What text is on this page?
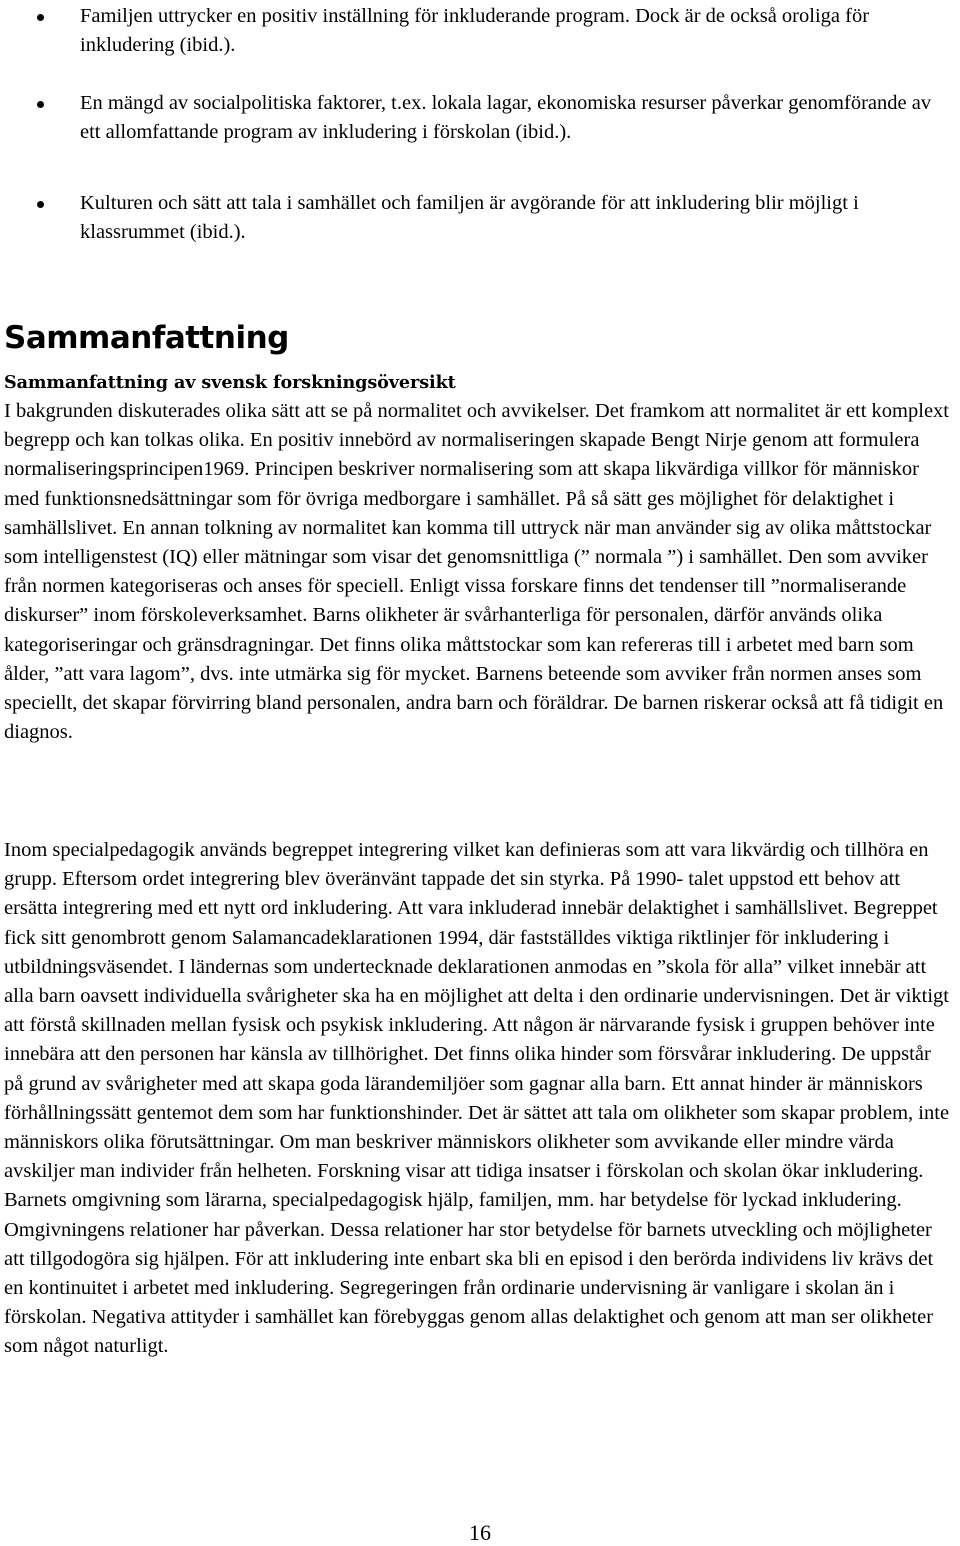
Familjen uttrycker en positiv inställning för inkluderande program. Dock är de också oroliga för inkludering (ibid.).
En mängd av socialpolitiska faktorer, t.ex. lokala lagar, ekonomiska resurser påverkar genomförande av ett allomfattande program av inkludering i förskolan (ibid.).
Kulturen och sätt att tala i samhället och familjen är avgörande för att inkludering blir möjligt i klassrummet (ibid.).
Sammanfattning
Sammanfattning av svensk forskningsöversikt

I bakgrunden diskuterades olika sätt att se på normalitet och avvikelser. Det framkom att normalitet är ett komplext begrepp och kan tolkas olika. En positiv innebörd av normaliseringen skapade Bengt Nirje genom att formulera normaliseringsprincipen1969. Principen beskriver normalisering som att skapa likvärdiga villkor för människor med funktionsnedsättningar som för övriga medborgare i samhället. På så sätt ges möjlighet för delaktighet i samhällslivet. En annan tolkning av normalitet kan komma till uttryck när man använder sig av olika måttstockar som intelligenstest (IQ) eller mätningar som visar det genomsnittliga (” normala ”) i samhället. Den som avviker från normen kategoriseras och anses för speciell. Enligt vissa forskare finns det tendenser till ”normaliserande diskurser” inom förskoleverksamhet. Barns olikheter är svårhanterliga för personalen, därför används olika kategoriseringar och gränsdragningar. Det finns olika måttstockar som kan refereras till i arbetet med barn som ålder, ”att vara lagom”, dvs. inte utmärka sig för mycket. Barnens beteende som avviker från normen anses som speciellt, det skapar förvirring bland personalen, andra barn och föräldrar. De barnen riskerar också att få tidigit en diagnos.

Inom specialpedagogik används begreppet integrering vilket kan definieras som att vara likvärdig och tillhöra en grupp. Eftersom ordet integrering blev överänvänt tappade det sin styrka. På 1990- talet uppstod ett behov att ersätta integrering med ett nytt ord inkludering. Att vara inkluderad innebär delaktighet i samhällslivet. Begreppet fick sitt genombrott genom Salamancadeklarationen 1994, där fastställdes viktiga riktlinjer för inkludering i utbildningsväsendet. I ländernas som undertecknade deklarationen anmodas en ”skola för alla” vilket innebär att alla barn oavsett individuella svårigheter ska ha en möjlighet att delta i den ordinarie undervisningen. Det är viktigt att förstå skillnaden mellan fysisk och psykisk inkludering. Att någon är närvarande fysisk i gruppen behöver inte innebära att den personen har känsla av tillhörighet. Det finns olika hinder som försvårar inkludering. De uppstår på grund av svårigheter med att skapa goda lärandemiljöer som gagnar alla barn. Ett annat hinder är människors förhållningssätt gentemot dem som har funktionshinder. Det är sättet att tala om olikheter som skapar problem, inte människors olika förutsättningar. Om man beskriver människors olikheter som avvikande eller mindre värda avskiljer man individer från helheten. Forskning visar att tidiga insatser i förskolan och skolan ökar inkludering. Barnets omgivning som lärarna, specialpedagogisk hjälp, familjen, mm. har betydelse för lyckad inkludering. Omgivningens relationer har påverkan. Dessa relationer har stor betydelse för barnets utveckling och möjligheter att tillgodogöra sig hjälpen. För att inkludering inte enbart ska bli en episod i den berörda individens liv krävs det en kontinuitet i arbetet med inkludering. Segregeringen från ordinarie undervisning är vanligare i skolan än i förskolan. Negativa attityder i samhället kan förebyggas genom allas delaktighet och genom att man ser olikheter som något naturligt.

16
